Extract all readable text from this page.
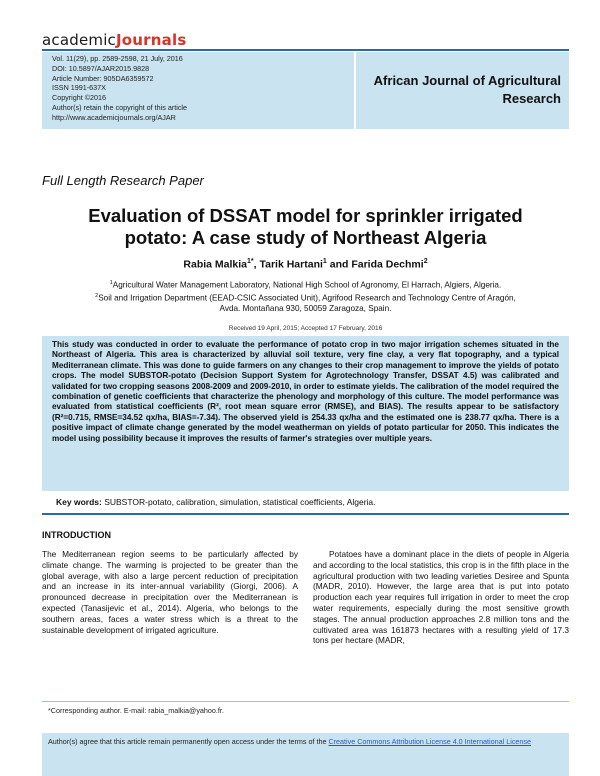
academicJournals
Vol. 11(29), pp. 2589-2598, 21 July, 2016
DOI: 10.5897/AJAR2015.9828
Article Number: 905DA6359572
ISSN 1991-637X
Copyright ©2016
Author(s) retain the copyright of this article
http://www.academicjournals.org/AJAR
African Journal of Agricultural
Research
Full Length Research Paper
Evaluation of DSSAT model for sprinkler irrigated
potato: A case study of Northeast Algeria
Rabia Malkia$^{1*}$, Tarik Hartani$^1$ and Farida Dechmi$^2$
$^1$Agricultural Water Management Laboratory, National High School of Agronomy, El Harrach, Algiers, Algeria.
$^2$Soil and Irrigation Department (EEAD-CSIC Associated Unit), Agrifood Research and Technology Centre of Aragón,
Avda. Montañana 930, 50059 Zaragoza, Spain.
Received 19 April, 2015; Accepted 17 February, 2016
This study was conducted in order to evaluate the performance of potato crop in two major irrigation schemes situated in the Northeast of Algeria. This area is characterized by alluvial soil texture, very fine clay, a very flat topography, and a typical Mediterranean climate. This was done to guide farmers on any changes to their crop management to improve the yields of potato crops. The model SUBSTOR-potato (Decision Support System for Agrotechnology Transfer, DSSAT 4.5) was calibrated and validated for two cropping seasons 2008-2009 and 2009-2010, in order to estimate yields. The calibration of the model required the combination of genetic coefficients that characterize the phenology and morphology of this culture. The model performance was evaluated from statistical coefficients (R², root mean square error (RMSE), and BIAS). The results appear to be satisfactory (R²=0.715, RMSE=34.52 qx/ha, BIAS=-7.34). The observed yield is 254.33 qx/ha and the estimated one is 238.77 qx/ha. There is a positive impact of climate change generated by the model weatherman on yields of potato particular for 2050. This indicates the model using possibility because it improves the results of farmer's strategies over multiple years.
Key words: SUBSTOR-potato, calibration, simulation, statistical coefficients, Algeria.
INTRODUCTION

The Mediterranean region seems to be particularly affected by climate change. The warming is projected to be greater than the global average, with also a large percent reduction of precipitation and an increase in its inter-annual variability (Giorgi, 2006). A pronounced decrease in precipitation over the Mediterranean is expected (Tanasijevic et al., 2014). Algeria, who belongs to the southern areas, faces a water stress which is a threat to the sustainable development of irrigated agriculture.

Potatoes have a dominant place in the diets of people in Algeria and according to the local statistics, this crop is in the fifth place in the agricultural production with two leading varieties Desiree and Spunta (MADR, 2010). However, the large area that is put into potato production each year requires full irrigation in order to meet the crop water requirements, especially during the most sensitive growth stages. The annual production approaches 2.8 million tons and the cultivated area was 161873 hectares with a resulting yield of 17.3 tons per hectare (MADR,

*Corresponding author. E-mail: rabia_malkia@yahoo.fr.
Author(s) agree that this article remain permanently open access under the terms of the Creative Commons Attribution License 4.0 International License
